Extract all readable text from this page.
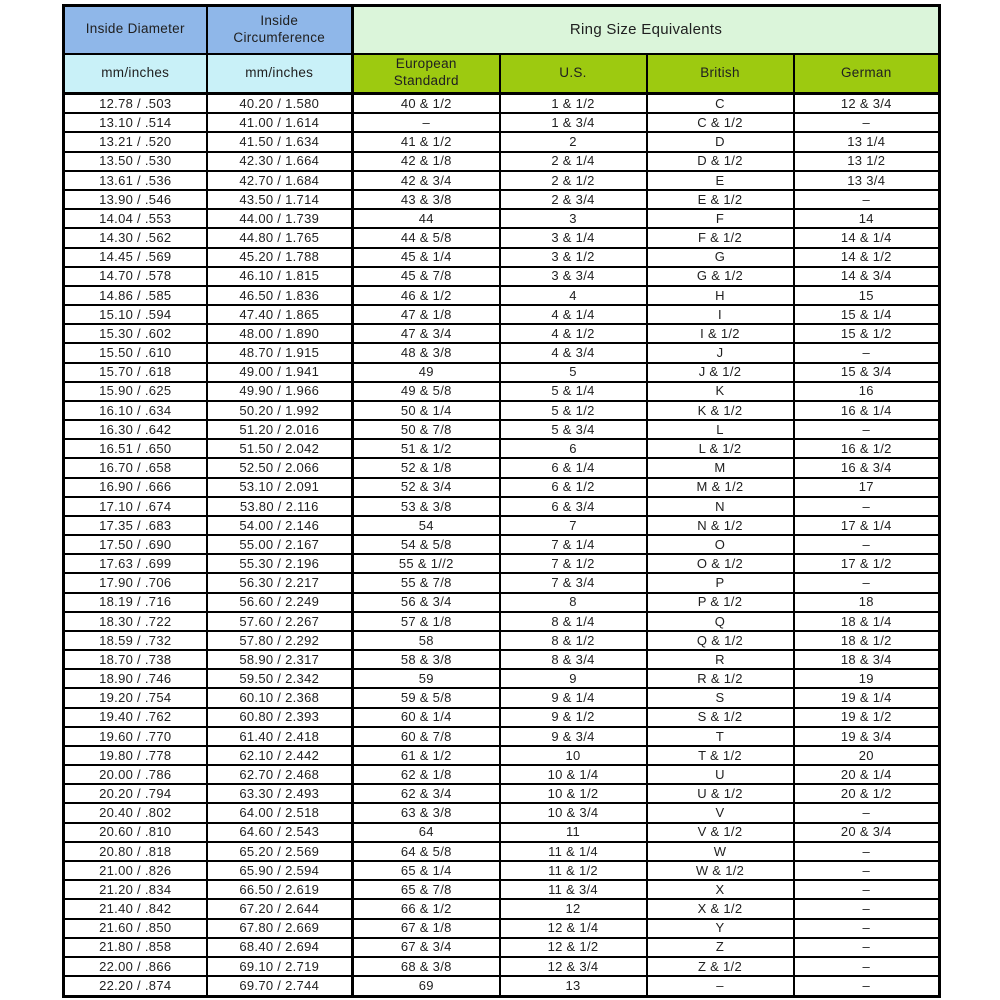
Inside Diameter	Inside Circumference	Ring Size Equivalents			
mm/inches	mm/inches	European Standadrd	U.S.	British	German
12.78 / .503	40.20 / 1.580	40 & 1/2	1 & 1/2	C	12 & 3/4
13.10 / .514	41.00 / 1.614	–	1 & 3/4	C & 1/2	–
13.21 / .520	41.50 / 1.634	41 & 1/2	2	D	13 1/4
13.50 / .530	42.30 / 1.664	42 & 1/8	2 & 1/4	D & 1/2	13 1/2
13.61 / .536	42.70 / 1.684	42 & 3/4	2 & 1/2	E	13 3/4
13.90 / .546	43.50 / 1.714	43 & 3/8	2 & 3/4	E & 1/2	–
14.04 / .553	44.00 / 1.739	44	3	F	14
14.30 / .562	44.80 / 1.765	44 & 5/8	3 & 1/4	F & 1/2	14 & 1/4
14.45 / .569	45.20 / 1.788	45 & 1/4	3 & 1/2	G	14 & 1/2
14.70 / .578	46.10 / 1.815	45 & 7/8	3 & 3/4	G & 1/2	14 & 3/4
14.86 / .585	46.50 / 1.836	46 & 1/2	4	H	15
15.10 / .594	47.40 / 1.865	47 & 1/8	4 & 1/4	I	15 & 1/4
15.30 / .602	48.00 / 1.890	47 & 3/4	4 & 1/2	I & 1/2	15 & 1/2
15.50 / .610	48.70 / 1.915	48 & 3/8	4 & 3/4	J	–
15.70 / .618	49.00 / 1.941	49	5	J & 1/2	15 & 3/4
15.90 / .625	49.90 / 1.966	49 & 5/8	5 & 1/4	K	16
16.10 / .634	50.20 / 1.992	50 & 1/4	5 & 1/2	K & 1/2	16 & 1/4
16.30 / .642	51.20 / 2.016	50 & 7/8	5 & 3/4	L	–
16.51 / .650	51.50 / 2.042	51 & 1/2	6	L & 1/2	16 & 1/2
16.70 / .658	52.50 / 2.066	52 & 1/8	6 & 1/4	M	16 & 3/4
16.90 / .666	53.10 / 2.091	52 & 3/4	6 & 1/2	M & 1/2	17
17.10 / .674	53.80 / 2.116	53 & 3/8	6 & 3/4	N	–
17.35 / .683	54.00 / 2.146	54	7	N & 1/2	17 & 1/4
17.50 / .690	55.00 / 2.167	54 & 5/8	7 & 1/4	O	–
17.63 / .699	55.30 / 2.196	55 & 1//2	7 & 1/2	O & 1/2	17 & 1/2
17.90 / .706	56.30 / 2.217	55 & 7/8	7 & 3/4	P	–
18.19 / .716	56.60 / 2.249	56 & 3/4	8	P & 1/2	18
18.30 / .722	57.60 / 2.267	57 & 1/8	8 & 1/4	Q	18 & 1/4
18.59 / .732	57.80 / 2.292	58	8 & 1/2	Q & 1/2	18 & 1/2
18.70 / .738	58.90 / 2.317	58 & 3/8	8 & 3/4	R	18 & 3/4
18.90 / .746	59.50 / 2.342	59	9	R & 1/2	19
19.20 / .754	60.10 / 2.368	59 & 5/8	9 & 1/4	S	19 & 1/4
19.40 / .762	60.80 / 2.393	60 & 1/4	9 & 1/2	S & 1/2	19 & 1/2
19.60 / .770	61.40 / 2.418	60 & 7/8	9 & 3/4	T	19 & 3/4
19.80 / .778	62.10 / 2.442	61 & 1/2	10	T & 1/2	20
20.00 / .786	62.70 / 2.468	62 & 1/8	10 & 1/4	U	20 & 1/4
20.20 / .794	63.30 / 2.493	62 & 3/4	10 & 1/2	U & 1/2	20 & 1/2
20.40 / .802	64.00 / 2.518	63 & 3/8	10 & 3/4	V	–
20.60 / .810	64.60 / 2.543	64	11	V & 1/2	20 & 3/4
20.80 / .818	65.20 / 2.569	64 & 5/8	11 & 1/4	W	–
21.00 / .826	65.90 / 2.594	65 & 1/4	11 & 1/2	W & 1/2	–
21.20 / .834	66.50 / 2.619	65 & 7/8	11 & 3/4	X	–
21.40 / .842	67.20 / 2.644	66 & 1/2	12	X & 1/2	–
21.60 / .850	67.80 / 2.669	67 & 1/8	12 & 1/4	Y	–
21.80 / .858	68.40 / 2.694	67 & 3/4	12 & 1/2	Z	–
22.00 / .866	69.10 / 2.719	68 & 3/8	12 & 3/4	Z & 1/2	–
22.20 / .874	69.70 / 2.744	69	13	–	–
